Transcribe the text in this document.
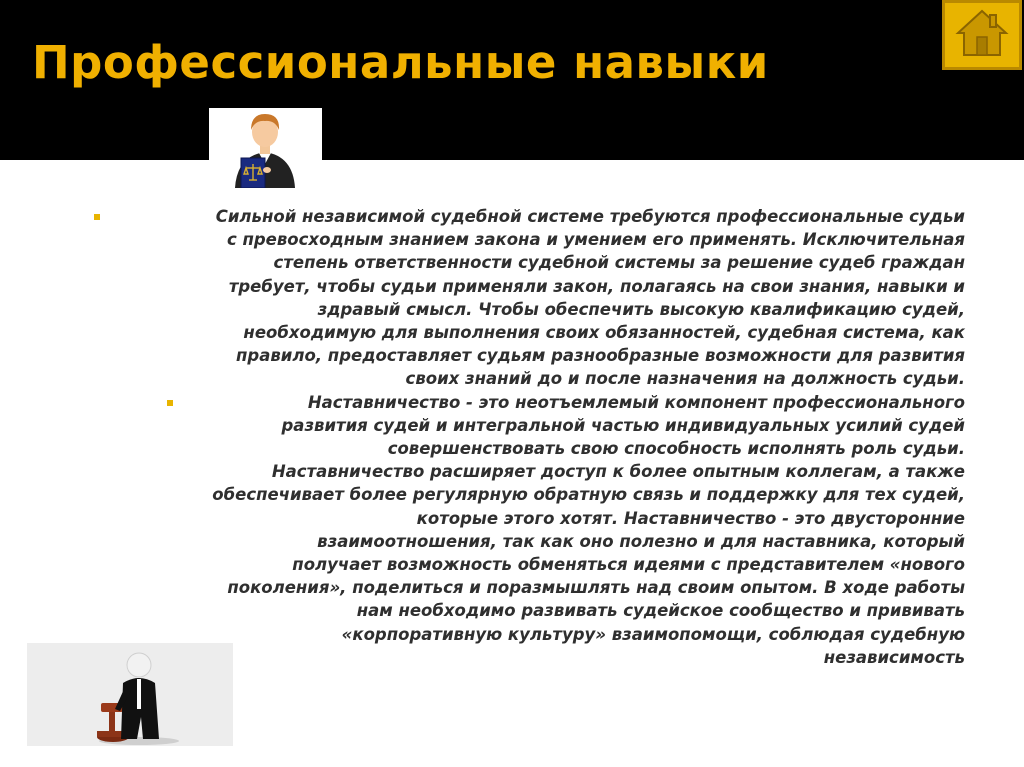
Профессиональные навыки

Сильной независимой судебной системе требуются профессиональные судьи
с превосходным знанием закона и умением его применять. Исключительная
степень ответственности судебной системы за решение судеб граждан
требует, чтобы судьи применяли закон, полагаясь на свои знания, навыки и
здравый смысл. Чтобы обеспечить высокую квалификацию судей,
необходимую для выполнения своих обязанностей, судебная система, как
правило, предоставляет судьям разнообразные возможности для развития
своих знаний до и после назначения на должность судьи.

Наставничество - это неотъемлемый компонент профессионального
развития судей и интегральной частью индивидуальных усилий судей
совершенствовать свою способность исполнять роль судьи.
Наставничество расширяет доступ к более опытным коллегам, а также
обеспечивает более регулярную обратную связь и поддержку для тех судей,
которые этого хотят. Наставничество - это двусторонние
взаимоотношения, так как оно полезно и для наставника, который
получает возможность обменяться идеями с представителем «нового
поколения», поделиться и поразмышлять над своим опытом. В ходе работы
нам необходимо развивать судейское сообщество и прививать
«корпоративную культуру» взаимопомощи, соблюдая судебную
независимость
